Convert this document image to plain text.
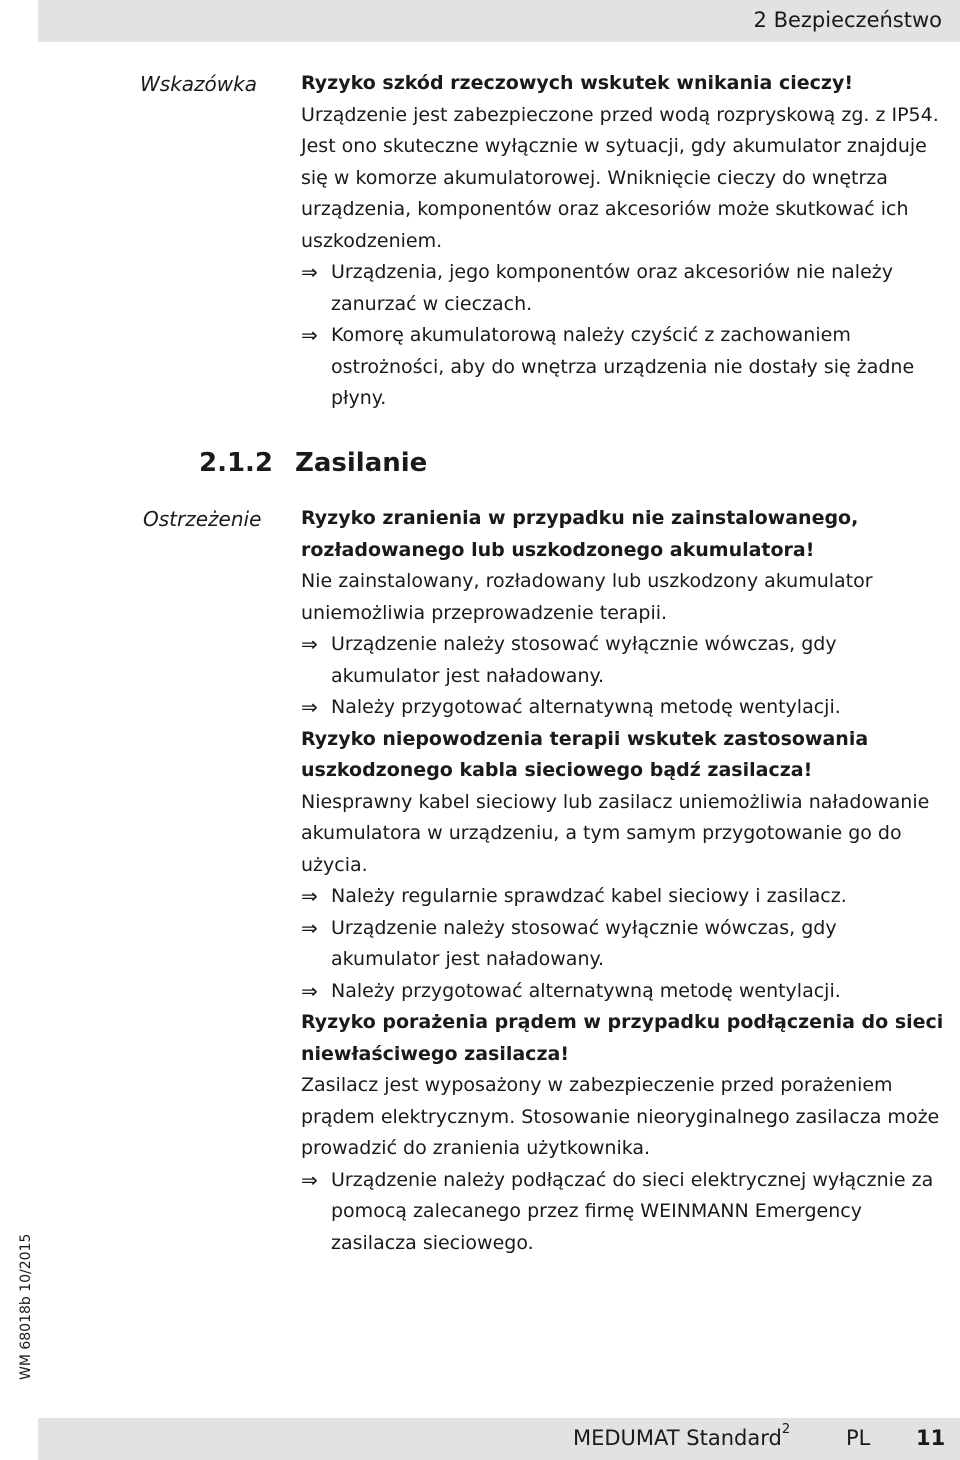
2 Bezpieczeństwo
Wskazówka Ryzyko szkód rzeczowych wskutek wnikania cieczy!

Urządzenie jest zabezpieczone przed wodą rozpryskową zg. z IP54. Jest ono skuteczne wyłącznie w sytuacji, gdy akumulator znajduje się w komorze akumulatorowej. Wniknięcie cieczy do wnętrza urządzenia, komponentów oraz akcesoriów może skutkować ich uszkodzeniem.

⇒ Urządzenia, jego komponentów oraz akcesoriów nie należy zanurzać w cieczach.
⇒ Komorę akumulatorową należy czyścić z zachowaniem ostrożności, aby do wnętrza urządzenia nie dostały się żadne płyny.
2.1.2 Zasilanie
Ostrzeżenie Ryzyko zranienia w przypadku nie zainstalowanego, rozładowanego lub uszkodzonego akumulatora!

Nie zainstalowany, rozładowany lub uszkodzony akumulator uniemożliwia przeprowadzenie terapii.

⇒ Urządzenie należy stosować wyłącznie wówczas, gdy akumulator jest naładowany.
⇒ Należy przygotować alternatywną metodę wentylacji.

Ryzyko niepowodzenia terapii wskutek zastosowania uszkodzonego kabla sieciowego bądź zasilacza!

Niesprawny kabel sieciowy lub zasilacz uniemożliwia naładowanie akumulatora w urządzeniu, a tym samym przygotowanie go do użycia.

⇒ Należy regularnie sprawdzać kabel sieciowy i zasilacz.
⇒ Urządzenie należy stosować wyłącznie wówczas, gdy akumulator jest naładowany.
⇒ Należy przygotować alternatywną metodę wentylacji.

Ryzyko porażenia prądem w przypadku podłączenia do sieci niewłaściwego zasilacza!

Zasilacz jest wyposażony w zabezpieczenie przed porażeniem prądem elektrycznym. Stosowanie nieoryginalnego zasilacza może prowadzić do zranienia użytkownika.

⇒ Urządzenie należy podłączać do sieci elektrycznej wyłącznie za pomocą zalecanego przez firmę WEINMANN Emergency zasilacza sieciowego.
WM 68018b 10/2015
MEDUMAT Standard$^2$	PL 11
